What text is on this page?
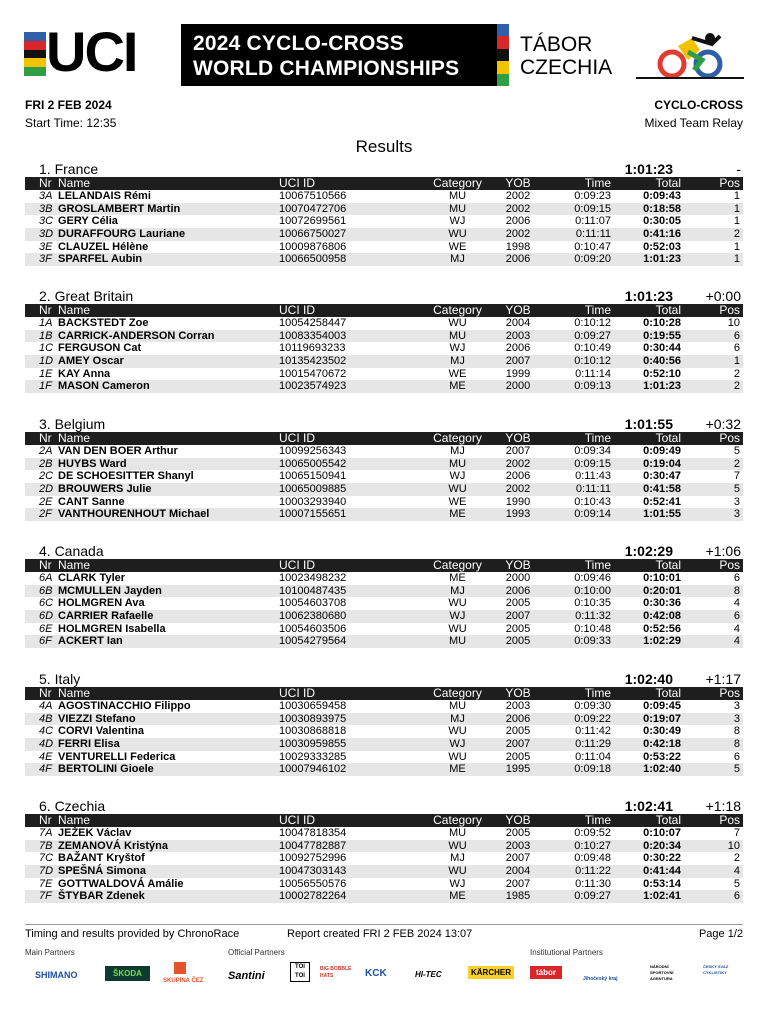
UCI	2024 CYCLO-CROSS
WORLD CHAMPIONSHIPS
TÁBOR
CZECHIA
FRI 2 FEB 2024
Start Time: 12:35
CYCLO-CROSS
Mixed Team Relay
Results
1. France	1:01:23	-
Nr Name	UCI ID	Category	YOB	Time	Total	Pos
3A LELANDAIS Rémi	10067510566	MU	2002	0:09:23	0:09:43	1
3B GROSLAMBERT Martin	10070472706	MU	2002	0:09:15	0:18:58	1
3C GERY Célia	10072699561	WJ	2006	0:11:07	0:30:05	1
3D DURAFFOURG Lauriane	10066750027	WU	2002	0:11:11	0:41:16	2
3E CLAUZEL Hélène	10009876806	WE	1998	0:10:47	0:52:03	1
3F SPARFEL Aubin	10066500958	MJ	2006	0:09:20	1:01:23	1
2. Great Britain	1:01:23 +0:00
Nr Name	UCI ID	Category	YOB	Time	Total	Pos
1A BACKSTEDT Zoe	10054258447	WU	2004	0:10:12	0:10:28	10
1B CARRICK-ANDERSON Corran	10083354003	MU	2003	0:09:27	0:19:55	6
1C FERGUSON Cat	10119693233	WJ	2006	0:10:49	0:30:44	6
1D AMEY Oscar	10135423502	MJ	2007	0:10:12	0:40:56	1
1E KAY Anna	10015470672	WE	1999	0:11:14	0:52:10	2
1F MASON Cameron	10023574923	ME	2000	0:09:13	1:01:23	2
3. Belgium	1:01:55 +0:32
Nr Name	UCI ID	Category	YOB	Time	Total	Pos
2A VAN DEN BOER Arthur	10099256343	MJ	2007	0:09:34	0:09:49	5
2B HUYBS Ward	10065005542	MU	2002	0:09:15	0:19:04	2
2C DE SCHOESITTER Shanyl	10065150941	WJ	2006	0:11:43	0:30:47	7
2D BROUWERS Julie	10065009885	WU	2002	0:11:11	0:41:58	5
2E CANT Sanne	10003293940	WE	1990	0:10:43	0:52:41	3
2F VANTHOURENHOUT Michael	10007155651	ME	1993	0:09:14	1:01:55	3
4. Canada	1:02:29 +1:06
Nr Name	UCI ID	Category	YOB	Time	Total	Pos
6A CLARK Tyler	10023498232	ME	2000	0:09:46	0:10:01	6
6B MCMULLEN Jayden	10100487435	MJ	2006	0:10:00	0:20:01	8
6C HOLMGREN Ava	10054603708	WU	2005	0:10:35	0:30:36	4
6D CARRIER Rafaelle	10062380680	WJ	2007	0:11:32	0:42:08	6
6E HOLMGREN Isabella	10054603506	WU	2005	0:10:48	0:52:56	4
6F ACKERT Ian	10054279564	MU	2005	0:09:33	1:02:29	4
5. Italy	1:02:40 +1:17
Nr Name	UCI ID	Category	YOB	Time	Total	Pos
4A AGOSTINACCHIO Filippo	10030659458	MU	2003	0:09:30	0:09:45	3
4B VIEZZI Stefano	10030893975	MJ	2006	0:09:22	0:19:07	3
4C CORVI Valentina	10030868818	WU	2005	0:11:42	0:30:49	8
4D FERRI Elisa	10030959855	WJ	2007	0:11:29	0:42:18	8
4E VENTURELLI Federica	10029333285	WU	2005	0:11:04	0:53:22	6
4F BERTOLINI Gioele	10007946102	ME	1995	0:09:18	1:02:40	5
6. Czechia	1:02:41 +1:18
Nr Name	UCI ID	Category	YOB	Time	Total	Pos
7A JEŽEK Václav	10047818354	MU	2005	0:09:52	0:10:07	7
7B ZEMANOVÁ Kristýna	10047782887	WU	2003	0:10:27	0:20:34	10
7C BAŽANT Kryštof	10092752996	MJ	2007	0:09:48	0:30:22	2
7D SPEŠNÁ Simona	10047303143	WU	2004	0:11:22	0:41:44	4
7E GOTTWALDOVÁ Amálie	10056550576	WJ	2007	0:11:30	0:53:14	5
7F ŠTYBAR Zdenek	10002782264	ME	1985	0:09:27	1:02:41	6
Timing and results provided by ChronoRace	Report created FRI 2 FEB 2024 13:07	Page 1/2
Main Partners	Official Partners	Institutional Partners
SHIMANO	ŠKODA
SKUPINA ČEZ Santini
TOI TOI
BIG BOBBLE HATS	KCK	HI-TEC	KÄRCHER	tábor
Jihočeský kraj
NÁRODNÍ SPORTOVNÍ AGENTURA
ČESKÝ SVAZ CYKLISTIKY
